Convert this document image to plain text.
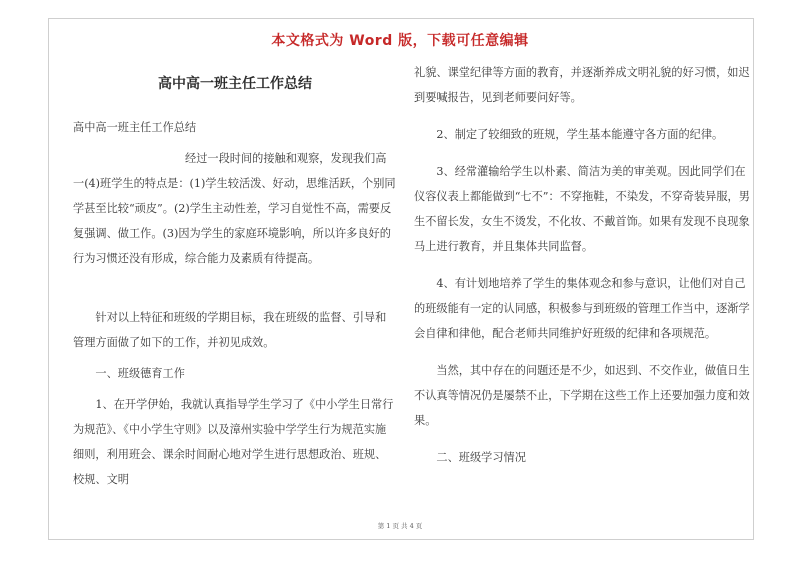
本文格式为 Word 版，下载可任意编辑

高中高一班主任工作总结

高中高一班主任工作总结

经过一段时间的接触和观察，发现我们高一(4)班学生的特点是：(1)学生较活泼、好动，思维活跃，个别同学甚至比较“顽皮”。(2)学生主动性差，学习自觉性不高，需要反复强调、做工作。(3)因为学生的家庭环境影响，所以许多良好的行为习惯还没有形成，综合能力及素质有待提高。

针对以上特征和班级的学期目标，我在班级的监督、引导和管理方面做了如下的工作，并初见成效。

一、班级德育工作

1、在开学伊始，我就认真指导学生学习了《中小学生日常行为规范》、《中小学生守则》以及漳州实验中学学生行为规范实施细则，利用班会、课余时间耐心地对学生进行思想政治、班规、校规、文明

礼貌、课堂纪律等方面的教育，并逐渐养成文明礼貌的好习惯，如迟到要喊报告，见到老师要问好等。

2、制定了较细致的班规，学生基本能遵守各方面的纪律。

3、经常灌输给学生以朴素、简洁为美的审美观。因此同学们在仪容仪表上都能做到“七不”：不穿拖鞋，不染发，不穿奇装异服，男生不留长发，女生不烫发，不化妆、不戴首饰。如果有发现不良现象马上进行教育，并且集体共同监督。

4、有计划地培养了学生的集体观念和参与意识，让他们对自己的班级能有一定的认同感，积极参与到班级的管理工作当中，逐渐学会自律和律他，配合老师共同维护好班级的纪律和各项规范。

当然，其中存在的问题还是不少，如迟到、不交作业，做值日生不认真等情况仍是屡禁不止，下学期在这些工作上还要加强力度和效果。

二、班级学习情况

第 1 页 共 4 页
